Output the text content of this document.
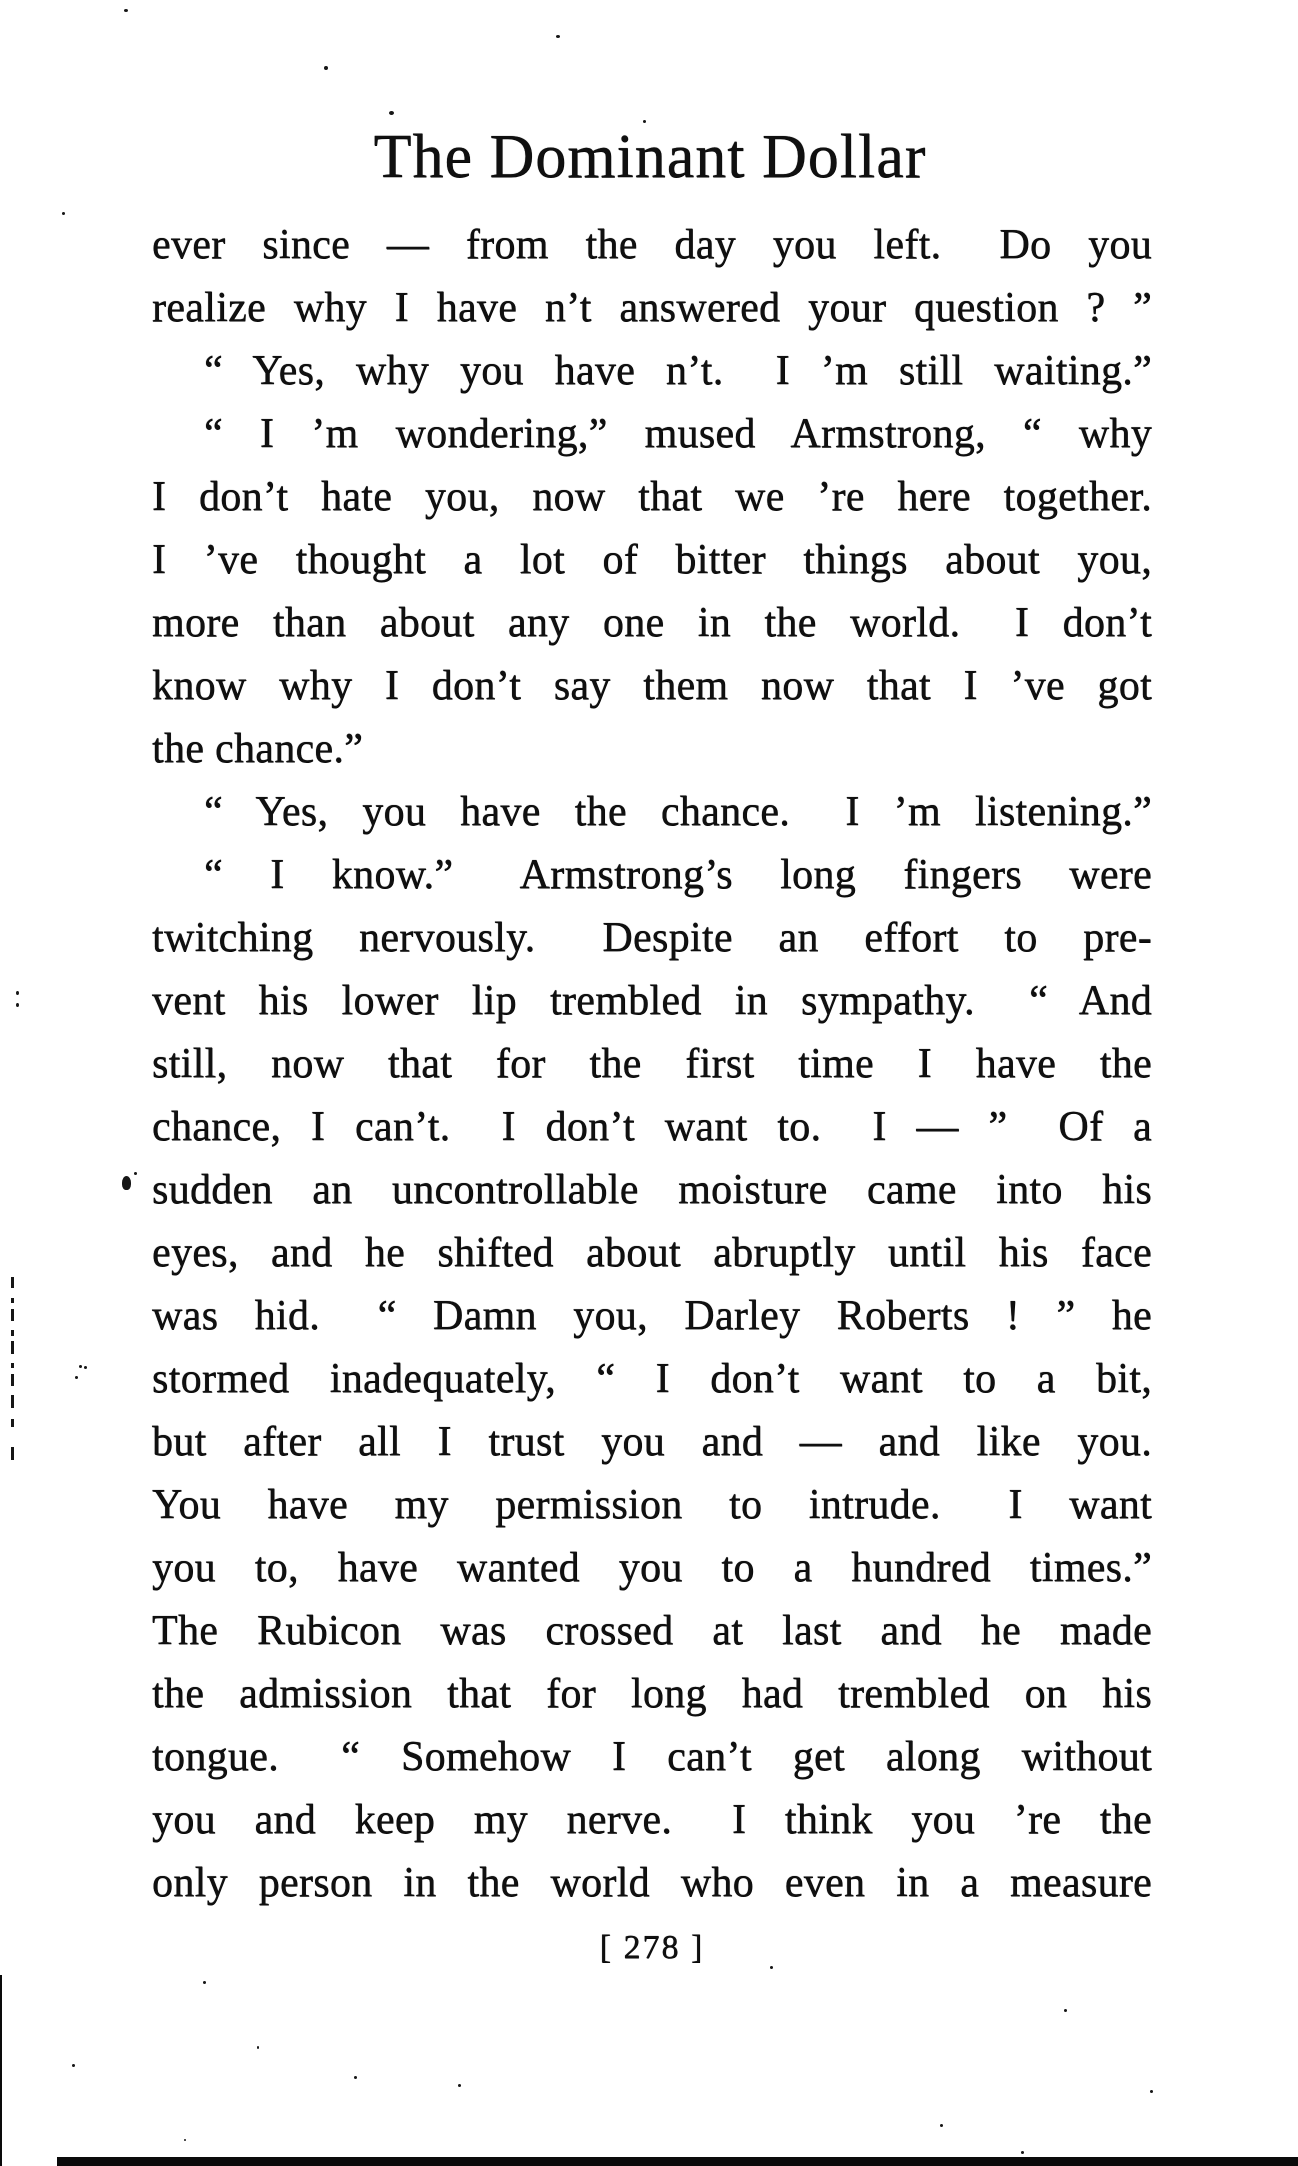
The Dominant Dollar
ever since — from the day you left.  Do you
realize why I have n’t answered your question ? ”
“ Yes, why you have n’t.  I ’m still waiting.”
“ I ’m wondering,” mused Armstrong, “ why
I don’t hate you, now that we ’re here together.
I ’ve thought a lot of bitter things about you,
more than about any one in the world.  I don’t
know why I don’t say them now that I ’ve got
the chance.”
“ Yes, you have the chance.  I ’m listening.”
“ I know.”  Armstrong’s long fingers were
twitching nervously.  Despite an effort to pre-
vent his lower lip trembled in sympathy.  “ And
still, now that for the first time I have the
chance, I can’t.  I don’t want to.  I — ”  Of a
sudden an uncontrollable moisture came into his
eyes, and he shifted about abruptly until his face
was hid.  “ Damn you, Darley Roberts ! ” he
stormed inadequately, “ I don’t want to a bit,
but after all I trust you and — and like you.
You have my permission to intrude.  I want
you to, have wanted you to a hundred times.”
The Rubicon was crossed at last and he made
the admission that for long had trembled on his
tongue.  “ Somehow I can’t get along without
you and keep my nerve.  I think you ’re the
only person in the world who even in a measure
[ 278 ]
